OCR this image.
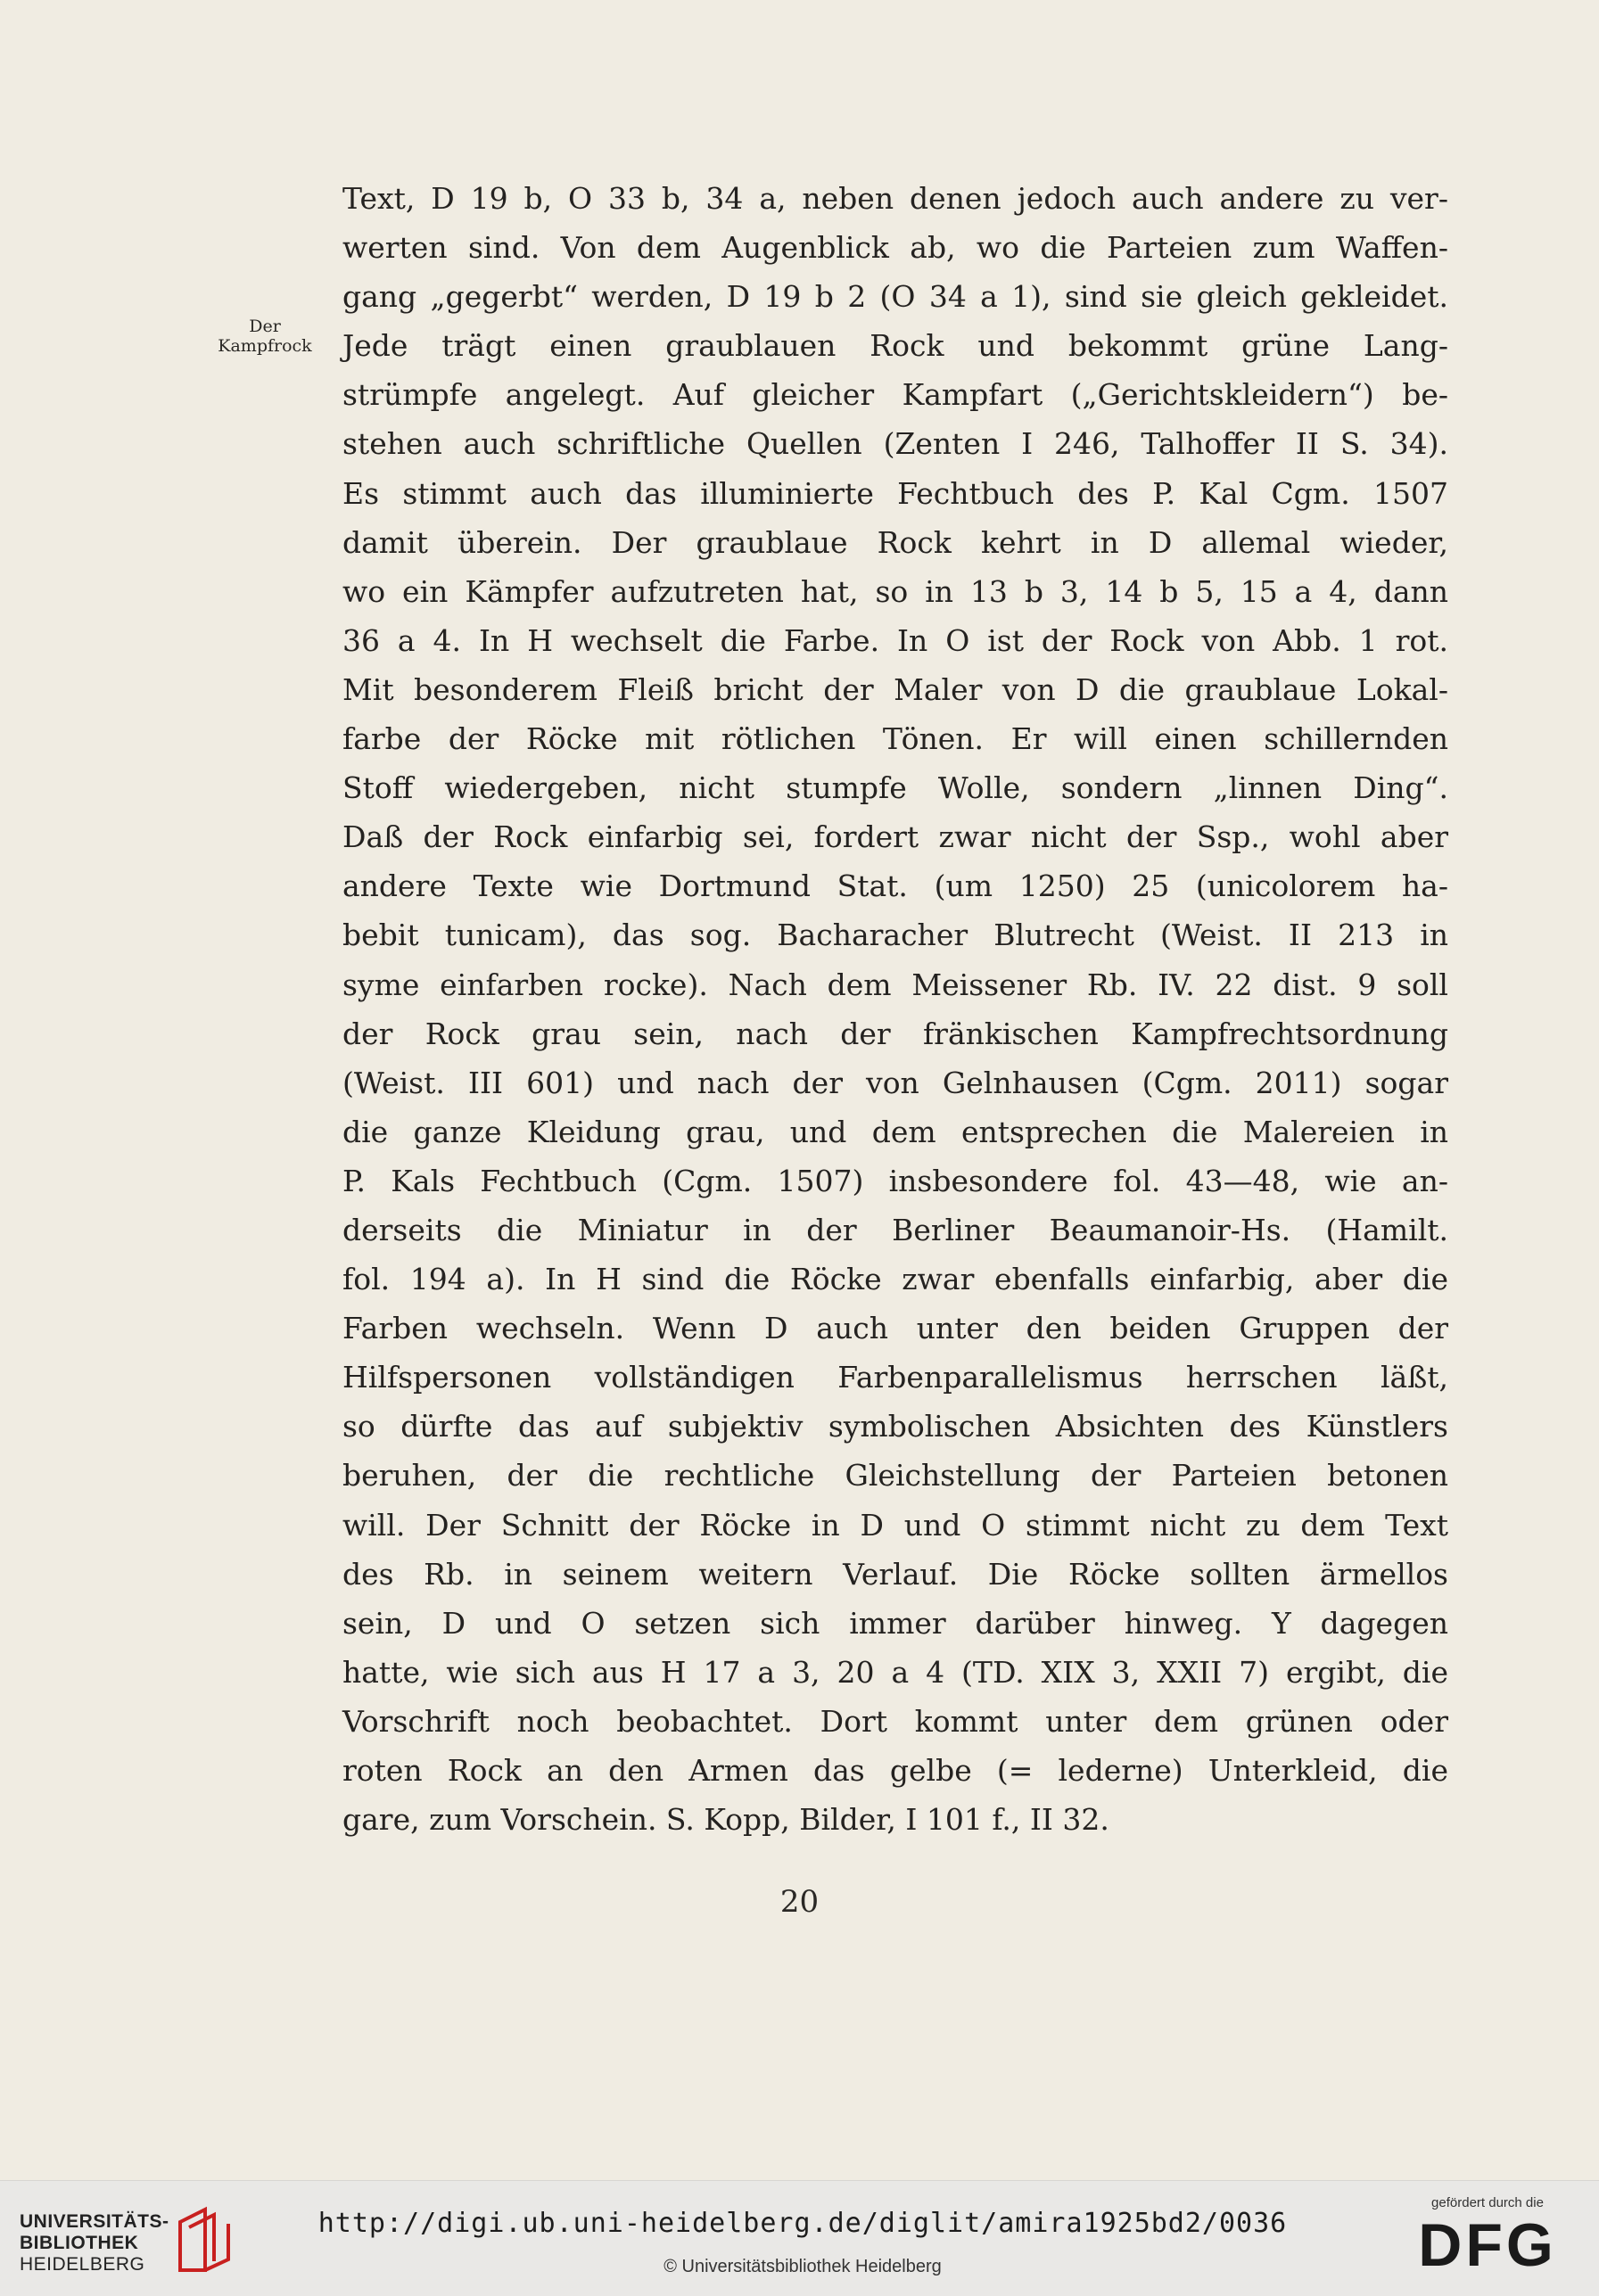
Der
Kampfrock
Text, D 19 b, O 33 b, 34 a, neben denen jedoch auch andere zu ver-
werten sind. Von dem Augenblick ab, wo die Parteien zum Waffen-
gang „gegerbt“ werden, D 19 b 2 (O 34 a 1), sind sie gleich gekleidet.
Jede trägt einen graublauen Rock und bekommt grüne Lang-
strümpfe angelegt. Auf gleicher Kampfart („Gerichtskleidern“) be-
stehen auch schriftliche Quellen (Zenten I 246, Talhoffer II S. 34).
Es stimmt auch das illuminierte Fechtbuch des P. Kal Cgm. 1507
damit überein. Der graublaue Rock kehrt in D allemal wieder,
wo ein Kämpfer aufzutreten hat, so in 13 b 3, 14 b 5, 15 a 4, dann
36 a 4. In H wechselt die Farbe. In O ist der Rock von Abb. 1 rot.
Mit besonderem Fleiß bricht der Maler von D die graublaue Lokal-
farbe der Röcke mit rötlichen Tönen. Er will einen schillernden
Stoff wiedergeben, nicht stumpfe Wolle, sondern „linnen Ding“.
Daß der Rock einfarbig sei, fordert zwar nicht der Ssp., wohl aber
andere Texte wie Dortmund Stat. (um 1250) 25 (unicolorem ha-
bebit tunicam), das sog. Bacharacher Blutrecht (Weist. II 213 in
syme einfarben rocke). Nach dem Meissener Rb. IV. 22 dist. 9 soll
der Rock grau sein, nach der fränkischen Kampfrechtsordnung
(Weist. III 601) und nach der von Gelnhausen (Cgm. 2011) sogar
die ganze Kleidung grau, und dem entsprechen die Malereien in
P. Kals Fechtbuch (Cgm. 1507) insbesondere fol. 43—48, wie an-
derseits die Miniatur in der Berliner Beaumanoir-Hs. (Hamilt.
fol. 194 a). In H sind die Röcke zwar ebenfalls einfarbig, aber die
Farben wechseln. Wenn D auch unter den beiden Gruppen der
Hilfspersonen vollständigen Farbenparallelismus herrschen läßt,
so dürfte das auf subjektiv symbolischen Absichten des Künstlers
beruhen, der die rechtliche Gleichstellung der Parteien betonen
will. Der Schnitt der Röcke in D und O stimmt nicht zu dem Text
des Rb. in seinem weitern Verlauf. Die Röcke sollten ärmellos
sein, D und O setzen sich immer darüber hinweg. Y dagegen
hatte, wie sich aus H 17 a 3, 20 a 4 (TD. XIX 3, XXII 7) ergibt, die
Vorschrift noch beobachtet. Dort kommt unter dem grünen oder
roten Rock an den Armen das gelbe (= lederne) Unterkleid, die
gare, zum Vorschein. S. Kopp, Bilder, I 101 f., II 32.
20
UNIVERSITÄTS-
BIBLIOTHEK
HEIDELBERG
http://digi.ub.uni-heidelberg.de/diglit/amira1925bd2/0036
© Universitätsbibliothek Heidelberg
gefördert durch die
DFG
